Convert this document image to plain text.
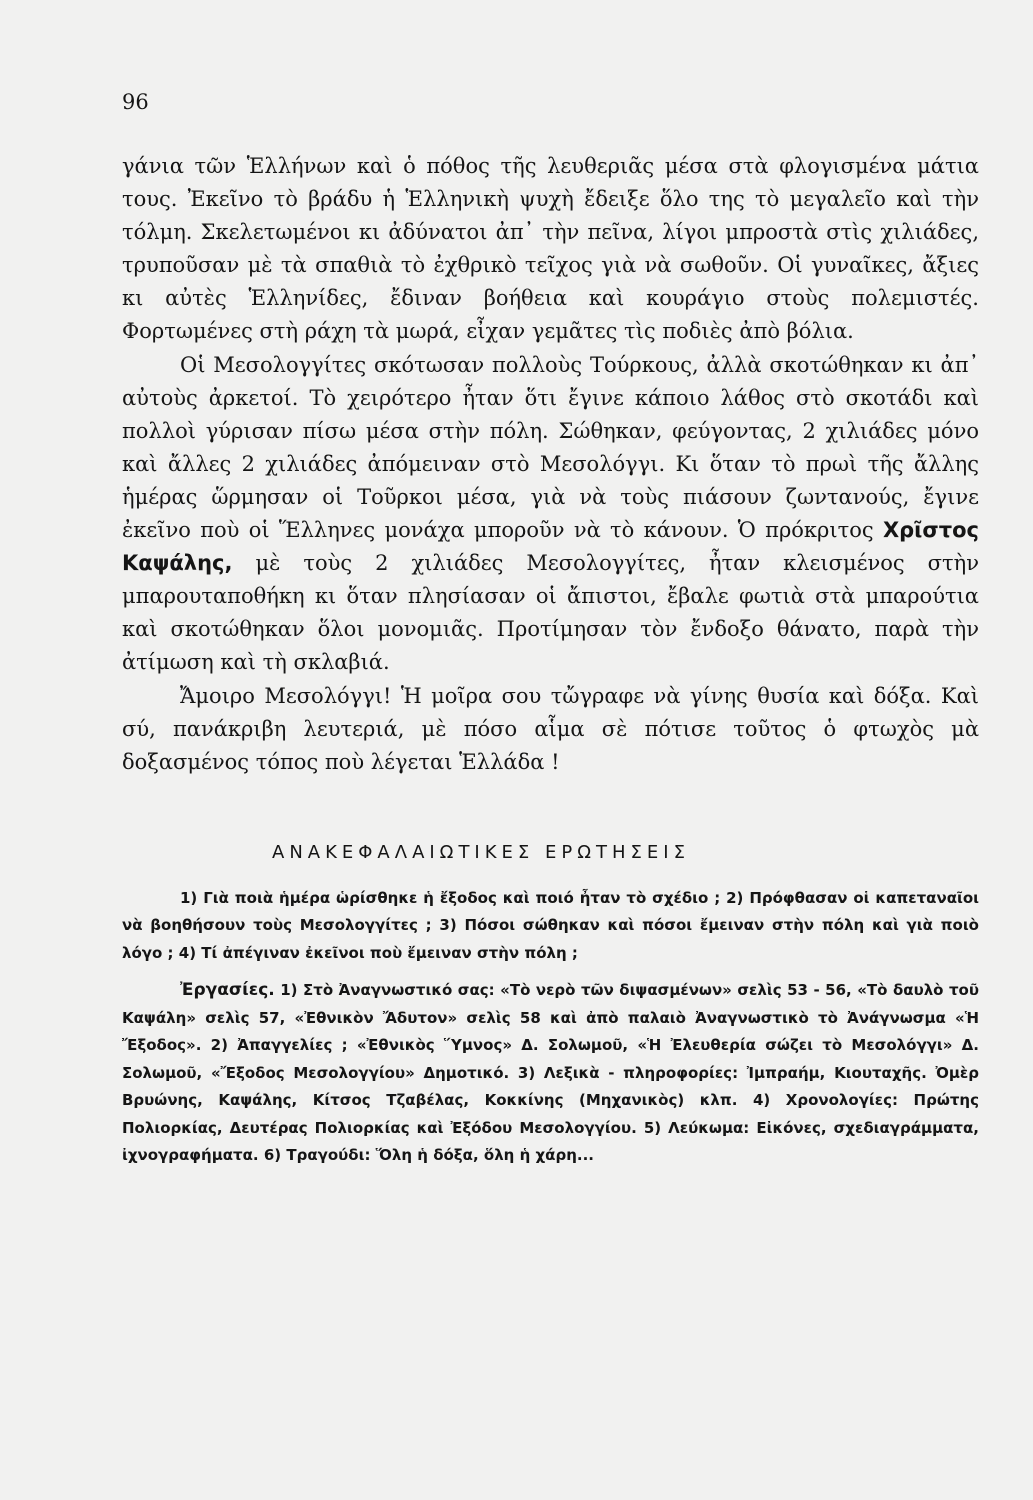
96

γάνια τῶν Ἑλλήνων καὶ ὁ πόθος τῆς λευθεριᾶς μέσα στὰ φλογισμένα μάτια τους. Ἐκεῖνο τὸ βράδυ ἡ Ἑλληνικὴ ψυχὴ ἔδειξε ὅλο της τὸ μεγαλεῖο καὶ τὴν τόλμη. Σκελετωμένοι κι ἀδύνατοι ἀπ᾽ τὴν πεῖνα, λίγοι μπροστὰ στὶς χιλιάδες, τρυποῦσαν μὲ τὰ σπαθιὰ τὸ ἐχθρικὸ τεῖχος γιὰ νὰ σωθοῦν. Οἱ γυναῖκες, ἄξιες κι αὐτὲς Ἑλληνίδες, ἔδιναν βοήθεια καὶ κουράγιο στοὺς πολεμιστές. Φορτωμένες στὴ ράχη τὰ μωρά, εἶχαν γεμᾶτες τὶς ποδιὲς ἀπὸ βόλια.

Οἱ Μεσολογγίτες σκότωσαν πολλοὺς Τούρκους, ἀλλὰ σκοτώθηκαν κι ἀπ᾽ αὐτοὺς ἀρκετοί. Τὸ χειρότερο ἦταν ὅτι ἔγινε κάποιο λάθος στὸ σκοτάδι καὶ πολλοὶ γύρισαν πίσω μέσα στὴν πόλη. Σώθηκαν, φεύγοντας, 2 χιλιάδες μόνο καὶ ἄλλες 2 χιλιάδες ἀπόμειναν στὸ Μεσολόγγι. Κι ὅταν τὸ πρωὶ τῆς ἄλλης ἡμέρας ὥρμησαν οἱ Τοῦρκοι μέσα, γιὰ νὰ τοὺς πιάσουν ζωντανούς, ἔγινε ἐκεῖνο ποὺ οἱ Ἕλληνες μονάχα μποροῦν νὰ τὸ κάνουν. Ὁ πρόκριτος Χρῖστος Καψάλης, μὲ τοὺς 2 χιλιάδες Μεσολογγίτες, ἦταν κλεισμένος στὴν μπαρουταποθήκη κι ὅταν πλησίασαν οἱ ἄπιστοι, ἔβαλε φωτιὰ στὰ μπαρούτια καὶ σκοτώθηκαν ὅλοι μονομιᾶς. Προτίμησαν τὸν ἔνδοξο θάνατο, παρὰ τὴν ἀτίμωση καὶ τὴ σκλαβιά.

Ἄμοιρο Μεσολόγγι! Ἡ μοῖρα σου τὤγραφε νὰ γίνης θυσία καὶ δόξα. Καὶ σύ, πανάκριβη λευτεριά, μὲ πόσο αἷμα σὲ πότισε τοῦτος ὁ φτωχὸς μὰ δοξασμένος τόπος ποὺ λέγεται Ἑλλάδα !

ΑΝΑΚΕΦΑΛΑΙΩΤΙΚΕΣ ΕΡΩΤΗΣΕΙΣ
1) Γιὰ ποιὰ ἡμέρα ὡρίσθηκε ἡ ἔξοδος καὶ ποιό ἦταν τὸ σχέδιο ; 2) Πρόφθασαν οἱ καπεταναῖοι νὰ βοηθήσουν τοὺς Μεσολογγίτες ; 3) Πόσοι σώθηκαν καὶ πόσοι ἔμειναν στὴν πόλη καὶ γιὰ ποιὸ λόγο ; 4) Τί ἀπέγιναν ἐκεῖνοι ποὺ ἔμειναν στὴν πόλη ;
Ἐργασίες. 1) Στὸ Ἀναγνωστικό σας: «Τὸ νερὸ τῶν διψασμένων» σελὶς 53 - 56, «Τὸ δαυλὸ τοῦ Καψάλη» σελὶς 57, «Ἐθνικὸν Ἄδυτον» σελὶς 58 καὶ ἀπὸ παλαιὸ Ἀναγνωστικὸ τὸ Ἀνάγνωσμα «Ἡ Ἔξοδος». 2) Ἀπαγγελίες ; «Ἐθνικὸς Ὕμνος» Δ. Σολωμοῦ, «Ἡ Ἐλευθερία σώζει τὸ Μεσολόγγι» Δ. Σολωμοῦ, «Ἔξοδος Μεσολογγίου» Δημοτικό. 3) Λεξικὰ - πληροφορίες: Ἰμπραήμ, Κιουταχῆς. Ὀμὲρ Βρυώνης, Καψάλης, Κίτσος Τζαβέλας, Κοκκίνης (Μηχανικὸς) κλπ. 4) Χρονολογίες: Πρώτης Πολιορκίας, Δευτέρας Πολιορκίας καὶ Ἐξόδου Μεσολογγίου. 5) Λεύκωμα: Εἰκόνες, σχεδιαγράμματα, ἰχνογραφήματα. 6) Τραγούδι: Ὅλη ἡ δόξα, ὅλη ἡ χάρη...
